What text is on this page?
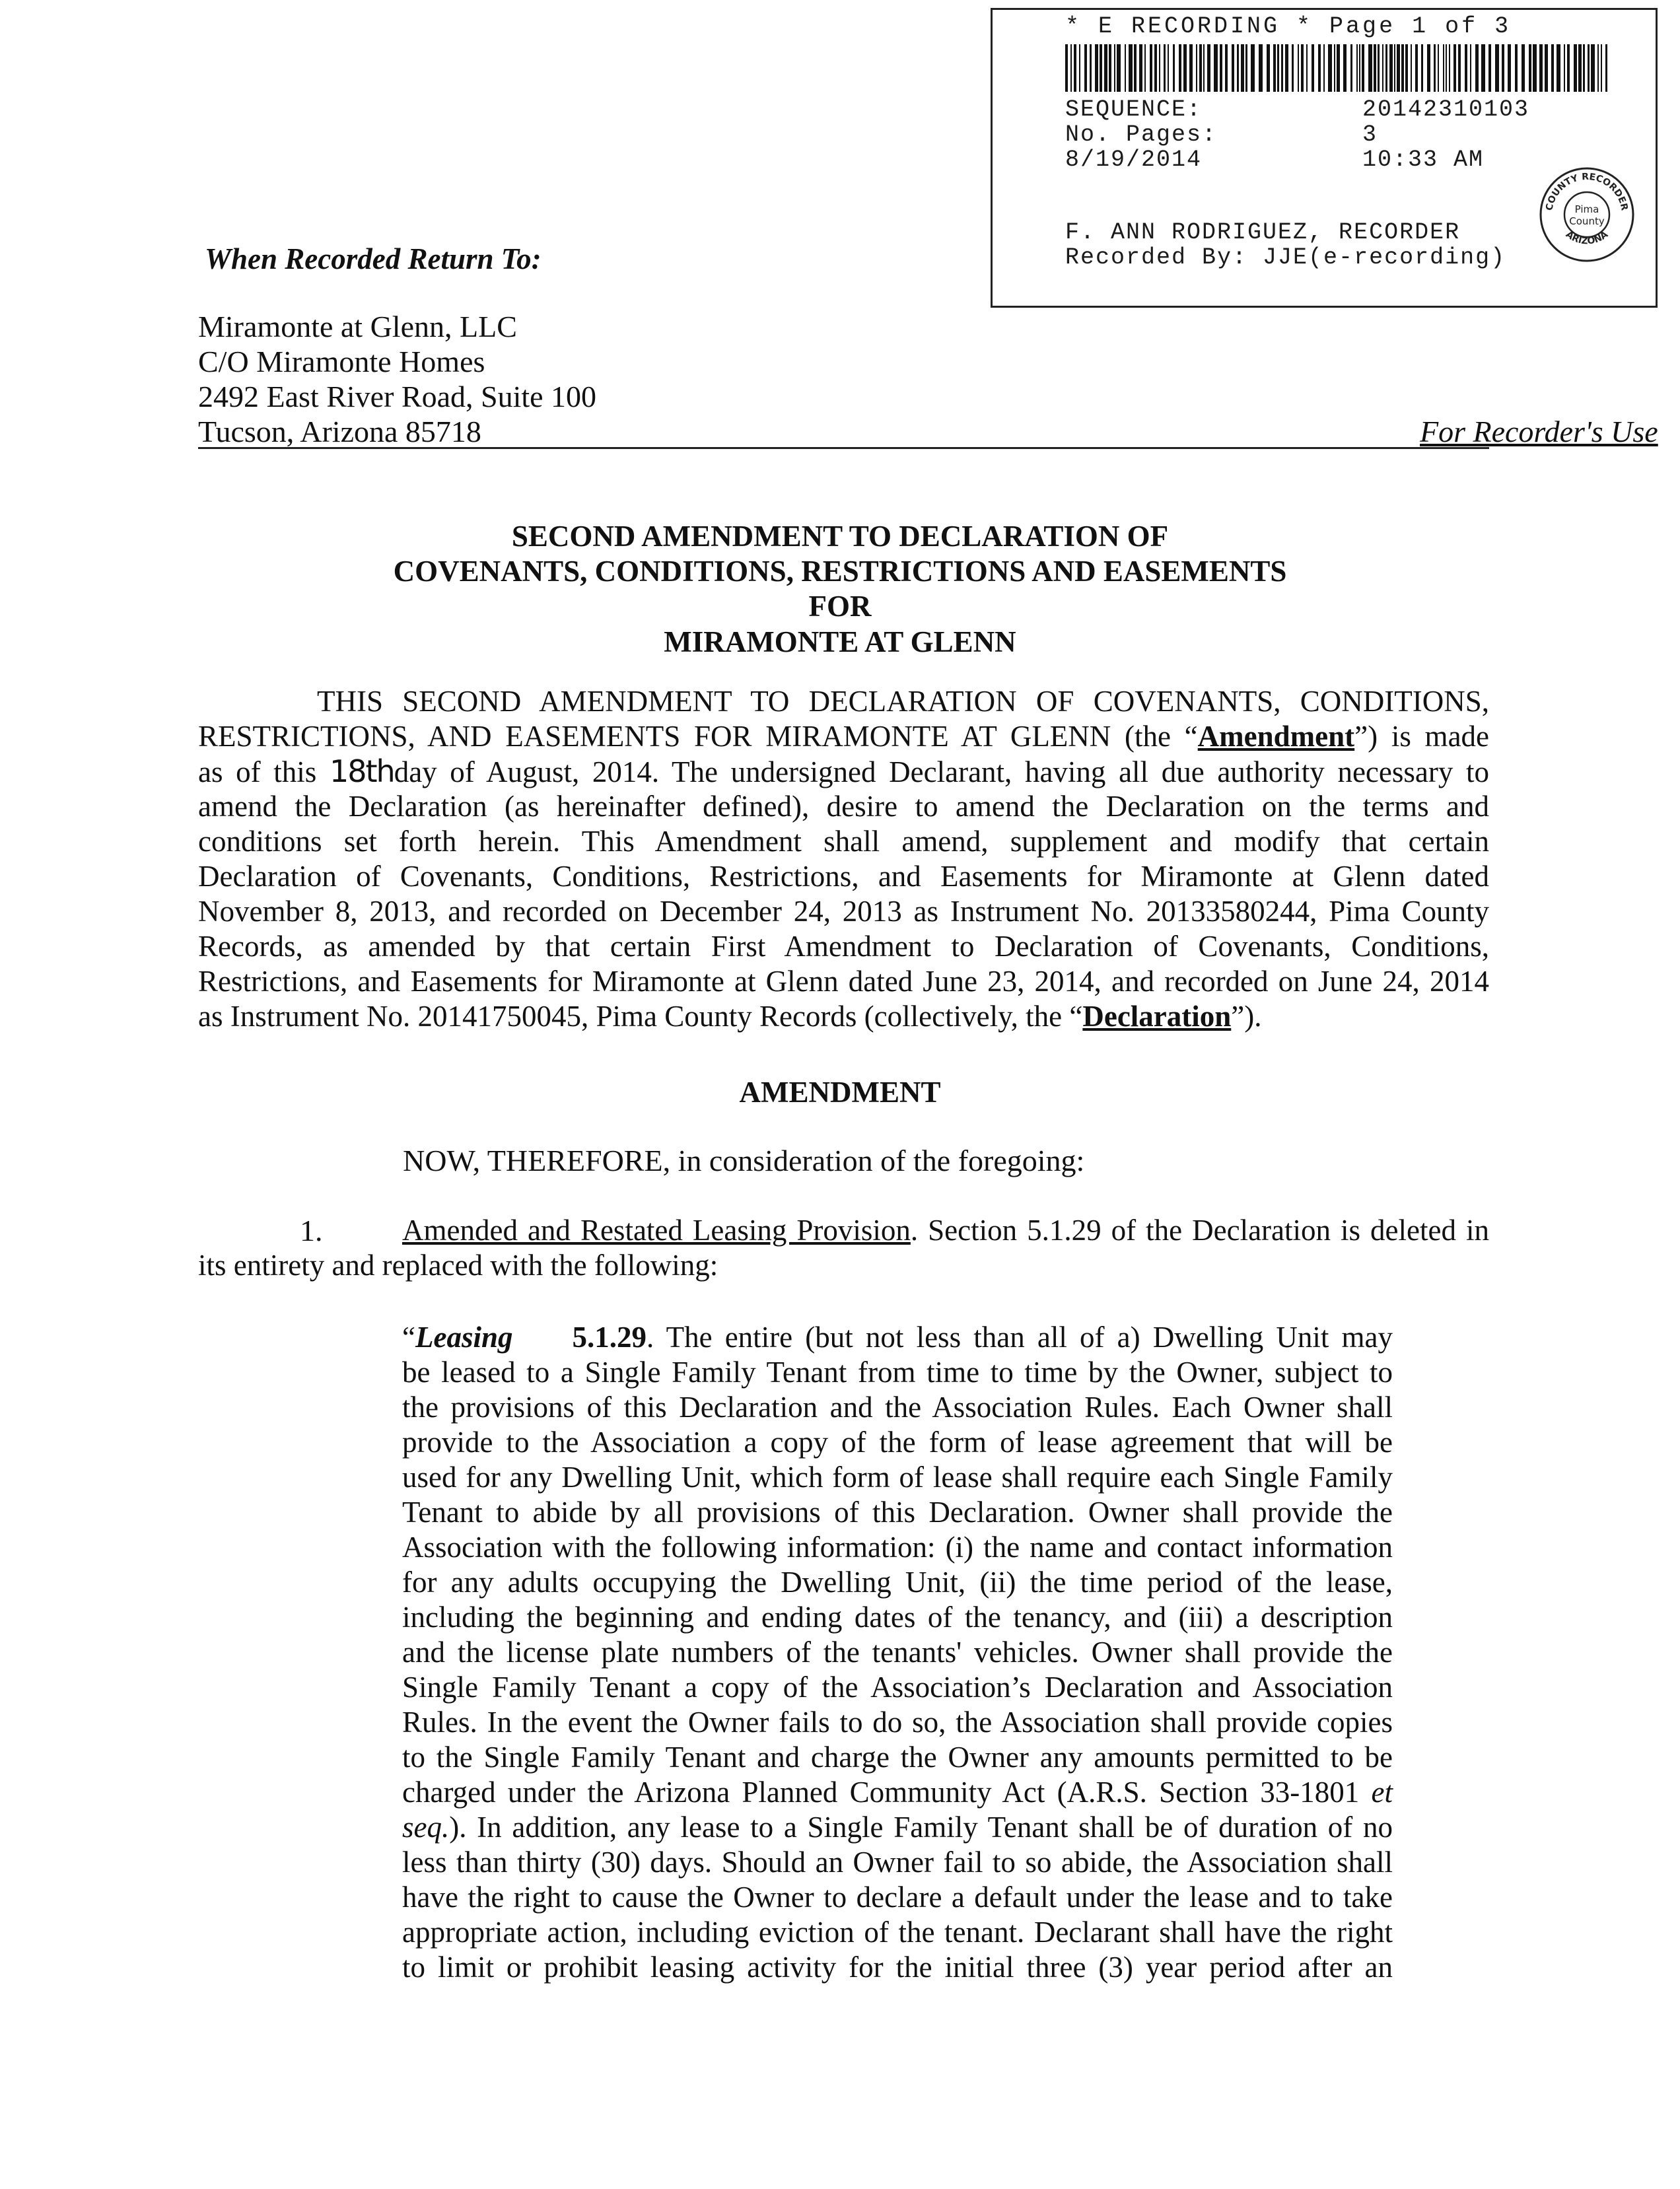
* E RECORDING * Page 1 of 3
SEQUENCE:	20142310103
No. Pages:	3
8/19/2014	10:33 AM
F. ANN RODRIGUEZ, RECORDER
Recorded By: JJE(e-recording)
COUNTY RECORDER
ARIZONA
Pima
County
When Recorded Return To:
Miramonte at Glenn, LLC
C/O Miramonte Homes
2492 East River Road, Suite 100
Tucson, Arizona 85718	For Recorder's Use
SECOND AMENDMENT TO DECLARATION OF
COVENANTS, CONDITIONS, RESTRICTIONS AND EASEMENTS
FOR
MIRAMONTE AT GLENN
THIS SECOND AMENDMENT TO DECLARATION OF COVENANTS, CONDITIONS,
RESTRICTIONS, AND EASEMENTS FOR MIRAMONTE AT GLENN (the “Amendment”) is made
as of this 18thday of August, 2014. The undersigned Declarant, having all due authority necessary to
amend the Declaration (as hereinafter defined), desire to amend the Declaration on the terms and
conditions set forth herein. This Amendment shall amend, supplement and modify that certain
Declaration of Covenants, Conditions, Restrictions, and Easements for Miramonte at Glenn dated
November 8, 2013, and recorded on December 24, 2013 as Instrument No. 20133580244, Pima County
Records, as amended by that certain First Amendment to Declaration of Covenants, Conditions,
Restrictions, and Easements for Miramonte at Glenn dated June 23, 2014, and recorded on June 24, 2014
as Instrument No. 20141750045, Pima County Records (collectively, the “Declaration”).
AMENDMENT
NOW, THEREFORE, in consideration of the foregoing:
1.	Amended and Restated Leasing Provision. Section 5.1.29 of the Declaration is deleted in
its entirety and replaced with the following:
“Leasing 5.1.29. The entire (but not less than all of a) Dwelling Unit may
be leased to a Single Family Tenant from time to time by the Owner, subject to
the provisions of this Declaration and the Association Rules. Each Owner shall
provide to the Association a copy of the form of lease agreement that will be
used for any Dwelling Unit, which form of lease shall require each Single Family
Tenant to abide by all provisions of this Declaration. Owner shall provide the
Association with the following information: (i) the name and contact information
for any adults occupying the Dwelling Unit, (ii) the time period of the lease,
including the beginning and ending dates of the tenancy, and (iii) a description
and the license plate numbers of the tenants' vehicles. Owner shall provide the
Single Family Tenant a copy of the Association’s Declaration and Association
Rules. In the event the Owner fails to do so, the Association shall provide copies
to the Single Family Tenant and charge the Owner any amounts permitted to be
charged under the Arizona Planned Community Act (A.R.S. Section 33-1801 et
seq.). In addition, any lease to a Single Family Tenant shall be of duration of no
less than thirty (30) days. Should an Owner fail to so abide, the Association shall
have the right to cause the Owner to declare a default under the lease and to take
appropriate action, including eviction of the tenant. Declarant shall have the right
to limit or prohibit leasing activity for the initial three (3) year period after an
